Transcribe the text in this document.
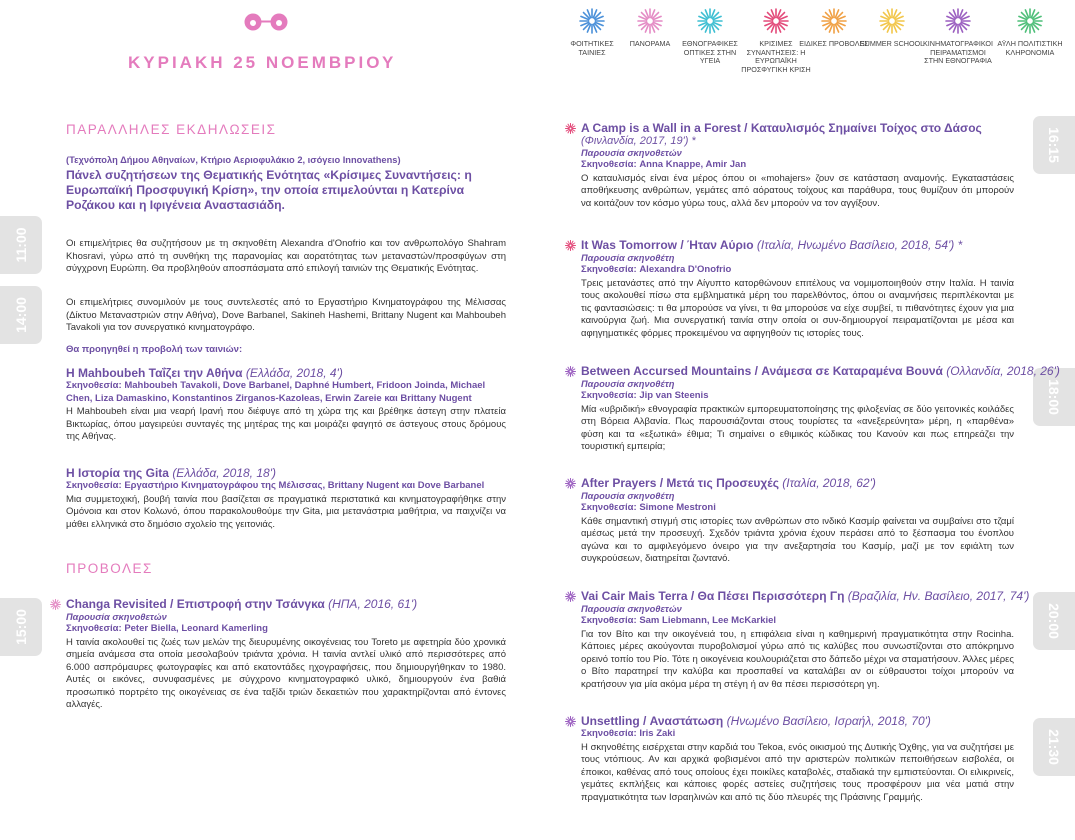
ΚΥΡΙΑΚΗ 25 ΝΟΕΜΒΡΙΟΥ
ΦΟΙΤΗΤΙΚΕΣ ΤΑΙΝΙΕΣ
ΠΑΝΟΡΑΜΑ	ΕΘΝΟΓΡΑΦΙΚΕΣ ΟΠΤΙΚΕΣ ΣΤΗΝ ΥΓΕΙΑ
ΚΡΙΣΙΜΕΣ ΣΥΝΑΝΤΗΣΕΙΣ: Η ΕΥΡΩΠΑΪΚΗ ΠΡΟΣΦΥΓΙΚΗ ΚΡΙΣΗ
ΕΙΔΙΚΕΣ ΠΡΟΒΟΛΕΣ
SUMMER SCHOOL
ΚΙΝΗΜΑΤΟΓΡΑΦΙΚΟΙ ΠΕΙΡΑΜΑΤΙΣΜΟΙ ΣΤΗΝ ΕΘΝΟΓΡΑΦΙΑ
ΑΫΛΗ ΠΟΛΙΤΙΣΤΙΚΗ ΚΛΗΡΟΝΟΜΙΑ
11:00
14:00
15:00
16:15
18:00
20:00
21:30
ΠΑΡΑΛΛΗΛΕΣ ΕΚΔΗΛΩΣΕΙΣ
(Τεχνόπολη Δήμου Αθηναίων, Κτήριο Αεριοφυλάκιο 2, ισόγειο Innovathens)
Πάνελ συζητήσεων της Θεματικής Ενότητας «Κρίσιμες Συναντήσεις: η Ευρωπαϊκή Προσφυγική Κρίση», την οποία επιμελούνται η Κατερίνα Ροζάκου και η Ιφιγένεια Αναστασιάδη.
Οι επιμελήτριες θα συζητήσουν με τη σκηνοθέτη Alexandra d'Onofrio και τον ανθρωπολόγο Shahram Khosravi, γύρω από τη συνθήκη της παρανομίας και αορατότητας των μεταναστών/προσφύγων στη σύγχρονη Ευρώπη. Θα προβληθούν αποσπάσματα από επιλογή ταινιών της Θεματικής Ενότητας.
Οι επιμελήτριες συνομιλούν με τους συντελεστές από το Εργαστήριο Κινηματογράφου της Μέλισσας (Δίκτυο Μεταναστριών στην Αθήνα), Dove Barbanel, Sakineh Hashemi, Brittany Nugent και Mahboubeh Tavakoli για τον συνεργατικό κινηματογράφο.
Θα προηγηθεί η προβολή των ταινιών:
Η Mahboubeh Ταΐζει την Αθήνα (Ελλάδα, 2018, 4')
Σκηνοθεσία: Mahboubeh Tavakoli, Dove Barbanel, Daphné Humbert, Fridoon Joinda, Michael Chen, Liza Damaskino, Konstantinos Zirganos-Kazoleas, Erwin Zareie και Brittany Nugent
Η Mahboubeh είναι μια νεαρή Ιρανή που διέφυγε από τη χώρα της και βρέθηκε άστεγη στην πλατεία Βικτωρίας, όπου μαγειρεύει συνταγές της μητέρας της και μοιράζει φαγητό σε άστεγους στους δρόμους της Αθήνας.
Η Ιστορία της Gita (Ελλάδα, 2018, 18')
Σκηνοθεσία: Εργαστήριο Κινηματογράφου της Μέλισσας, Brittany Nugent και Dove Barbanel
Μια συμμετοχική, βουβή ταινία που βασίζεται σε πραγματικά περιστατικά και κινηματογραφήθηκε στην Ομόνοια και στον Κολωνό, όπου παρακολουθούμε την Gita, μια μετανάστρια μαθήτρια, να παιχνίζει να μάθει ελληνικά στο δημόσιο σχολείο της γειτονιάς.
ΠΡΟΒΟΛΕΣ
Changa Revisited / Επιστροφή στην Τσάνγκα (ΗΠΑ, 2016, 61')
Παρουσία σκηνοθετών
Σκηνοθεσία: Peter Biella, Leonard Kamerling
Η ταινία ακολουθεί τις ζωές των μελών της διευρυμένης οικογένειας του Toreto με αφετηρία δύο χρονικά σημεία ανάμεσα στα οποία μεσολαβούν τριάντα χρόνια. Η ταινία αντλεί υλικό από περισσότερες από 6.000 ασπρόμαυρες φωτογραφίες και από εκατοντάδες ηχογραφήσεις, που δημιουργήθηκαν το 1980. Αυτές οι εικόνες, συνυφασμένες με σύγχρονο κινηματογραφικό υλικό, δημιουργούν ένα βαθιά προσωπικό πορτρέτο της οικογένειας σε ένα ταξίδι τριών δεκαετιών που χαρακτηρίζονται από έντονες αλλαγές.
A Camp is a Wall in a Forest / Καταυλισμός Σημαίνει Τοίχος στο Δάσος
(Φινλανδία, 2017, 19') *
Παρουσία σκηνοθετών
Σκηνοθεσία: Anna Knappe, Amir Jan
Ο καταυλισμός είναι ένα μέρος όπου οι «mohajers» ζουν σε κατάσταση αναμονής. Εγκαταστάσεις αποθήκευσης ανθρώπων, γεμάτες από αόρατους τοίχους και παράθυρα, τους θυμίζουν ότι μπορούν να κοιτάζουν τον κόσμο γύρω τους, αλλά δεν μπορούν να τον αγγίξουν.
It Was Tomorrow / Ήταν Αύριο (Ιταλία, Ηνωμένο Βασίλειο, 2018, 54') *
Παρουσία σκηνοθέτη
Σκηνοθεσία: Alexandra D'Onofrio
Τρεις μετανάστες από την Αίγυπτο κατορθώνουν επιτέλους να νομιμοποιηθούν στην Ιταλία. Η ταινία τους ακολουθεί πίσω στα εμβληματικά μέρη του παρελθόντος, όπου οι αναμνήσεις περιπλέκονται με τις φαντασιώσεις: τι θα μπορούσε να γίνει, τι θα μπορούσε να είχε συμβεί, τι πιθανότητες έχουν για μια καινούργια ζωή. Μια συνεργατική ταινία στην οποία οι συν-δημιουργοί πειραματίζονται με μέσα και αφηγηματικές φόρμες προκειμένου να αφηγηθούν τις ιστορίες τους.
Between Accursed Mountains / Ανάμεσα σε Καταραμένα Βουνά (Ολλανδία, 2018, 26')
Παρουσία σκηνοθέτη
Σκηνοθεσία: Jip van Steenis
Μία «υβριδική» εθνογραφία πρακτικών εμπορευματοποίησης της φιλοξενίας σε δύο γειτονικές κοιλάδες στη Βόρεια Αλβανία. Πως παρουσιάζονται στους τουρίστες τα «ανεξερεύνητα» μέρη, η «παρθένα» φύση και τα «εξωτικά» έθιμα; Τι σημαίνει ο εθιμικός κώδικας του Κανούν και πως επηρεάζει την τουριστική εμπειρία;
After Prayers / Μετά τις Προσευχές (Ιταλία, 2018, 62')
Παρουσία σκηνοθέτη
Σκηνοθεσία: Simone Mestroni
Κάθε σημαντική στιγμή στις ιστορίες των ανθρώπων στο ινδικό Κασμίρ φαίνεται να συμβαίνει στο τζαμί αμέσως μετά την προσευχή. Σχεδόν τριάντα χρόνια έχουν περάσει από το ξέσπασμα του ένοπλου αγώνα και το αμφιλεγόμενο όνειρο για την ανεξαρτησία του Κασμίρ, μαζί με τον εφιάλτη των συγκρούσεων, διατηρείται ζωντανό.
Vai Cair Mais Terra / Θα Πέσει Περισσότερη Γη (Βραζιλία, Ην. Βασίλειο, 2017, 74')
Παρουσία σκηνοθετών
Σκηνοθεσία: Sam Liebmann, Lee McKarkiel
Για τον Βίτο και την οικογένειά του, η επιφάλεια είναι η καθημερινή πραγματικότητα στην Rocinha. Κάποιες μέρες ακούγονται πυροβολισμοί γύρω από τις καλύβες που συνωστίζονται στο απόκρημνο ορεινό τοπίο του Ρίο. Τότε η οικογένεια κουλουριάζεται στο δάπεδο μέχρι να σταματήσουν. Άλλες μέρες ο Βίτο παρατηρεί την καλύβα και προσπαθεί να καταλάβει αν οι εύθραυστοι τοίχοι μπορούν να κρατήσουν για μία ακόμα μέρα τη στέγη ή αν θα πέσει περισσότερη γη.
Unsettling / Αναστάτωση (Ηνωμένο Βασίλειο, Ισραήλ, 2018, 70')
Σκηνοθεσία: Iris Zaki
Η σκηνοθέτης εισέρχεται στην καρδιά του Tekoa, ενός οικισμού της Δυτικής Όχθης, για να συζητήσει με τους ντόπιους. Αν και αρχικά φοβισμένοι από την αριστερών πολιτικών πεποιθήσεων εισβολέα, οι έποικοι, καθένας από τους οποίους έχει ποικίλες καταβολές, σταδιακά την εμπιστεύονται. Οι ειλικρινείς, γεμάτες εκπλήξεις και κάποιες φορές αστείες συζητήσεις τους προσφέρουν μια νέα ματιά στην πραγματικότητα των Ισραηλινών και από τις δύο πλευρές της Πράσινης Γραμμής.
